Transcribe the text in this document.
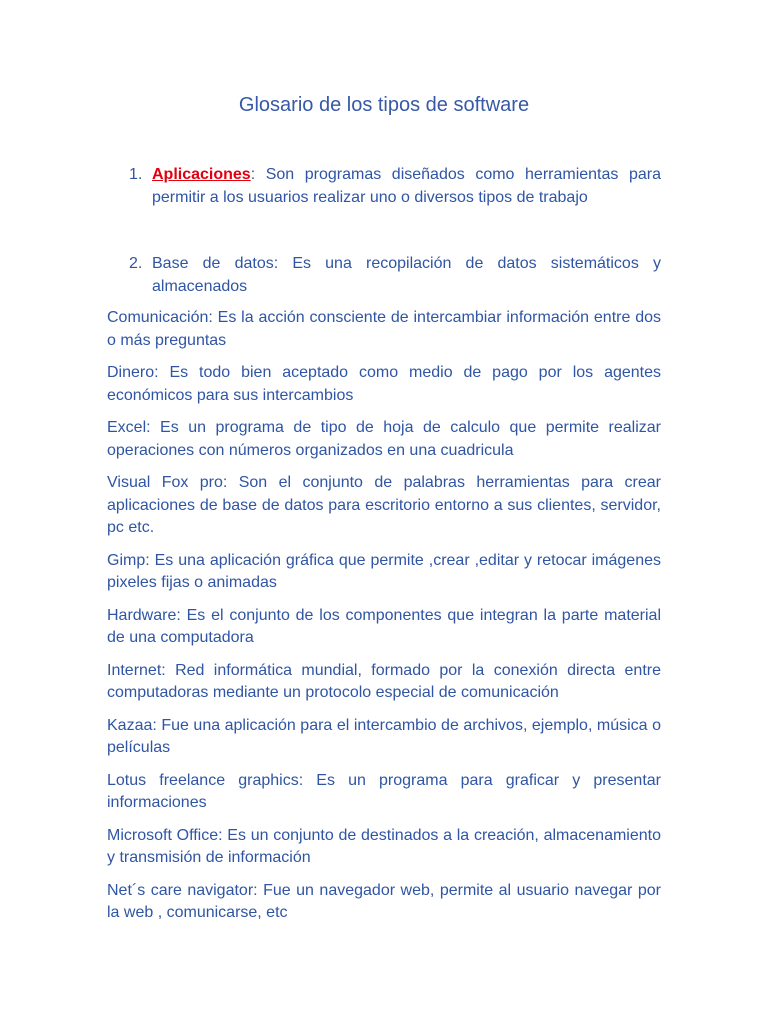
Glosario de los tipos de software
1. Aplicaciones: Son programas diseñados como herramientas para permitir a los usuarios realizar uno o diversos tipos de trabajo
2. Base de datos: Es una recopilación de datos sistemáticos y almacenados

Comunicación: Es la acción consciente de intercambiar información entre dos o más preguntas

Dinero: Es todo bien aceptado como medio de pago por los agentes económicos para sus intercambios

Excel: Es un programa de tipo de hoja de calculo que permite realizar operaciones con números organizados en una cuadricula

Visual Fox pro: Son el conjunto de palabras herramientas para crear aplicaciones de base de datos para escritorio entorno a sus clientes, servidor, pc etc.

Gimp: Es una aplicación gráfica que permite ,crear ,editar y retocar imágenes pixeles fijas o animadas

Hardware: Es el conjunto de los componentes que integran la parte material de una computadora

Internet: Red informática mundial, formado por la conexión directa entre computadoras mediante un protocolo especial de comunicación

Kazaa: Fue una aplicación para el intercambio de archivos, ejemplo, música o películas

Lotus freelance graphics: Es un programa para graficar y presentar informaciones

Microsoft Office: Es un conjunto de destinados a la creación, almacenamiento y transmisión de información

Net´s care navigator: Fue un navegador web, permite al usuario navegar por la web , comunicarse, etc
